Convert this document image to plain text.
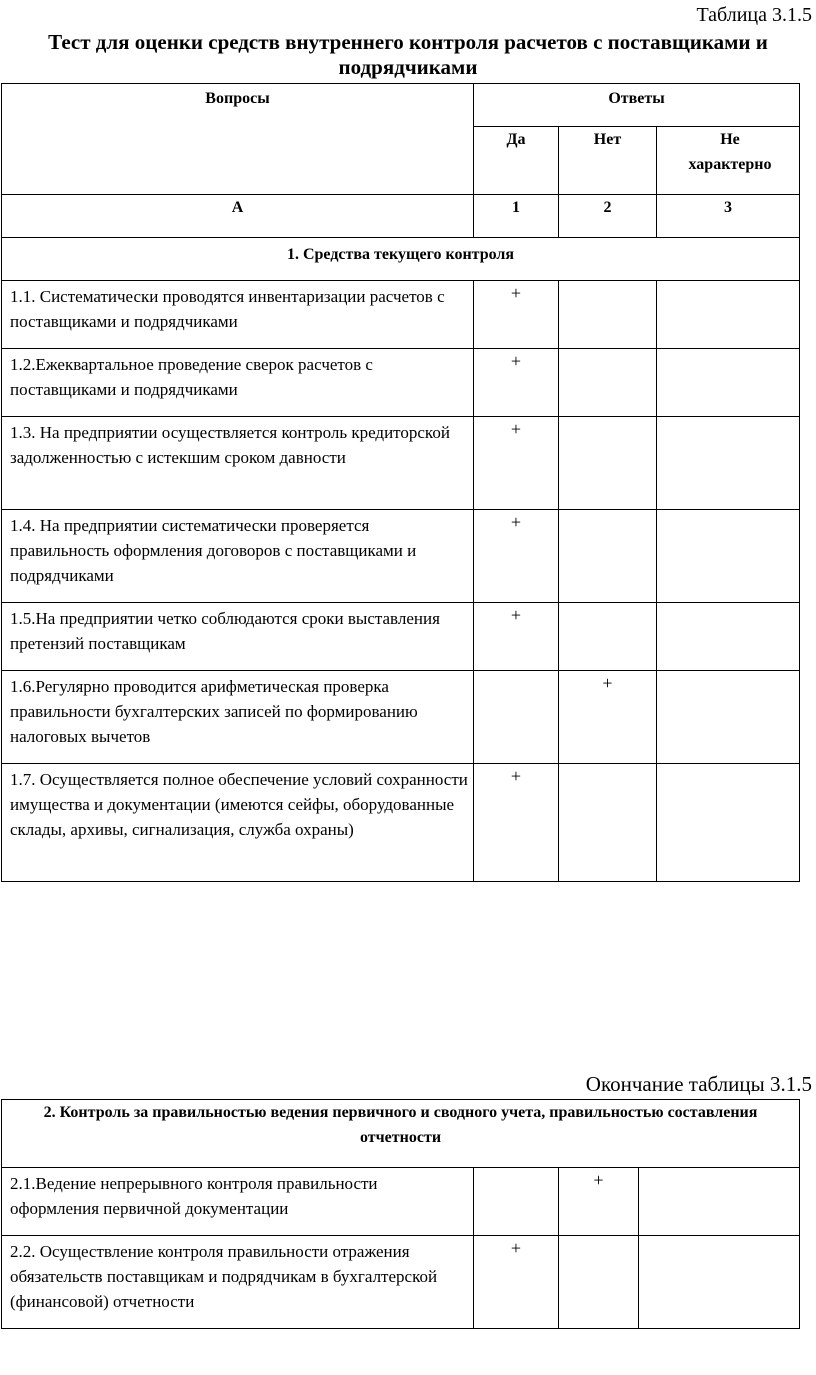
Таблица 3.1.5
Тест для оценки средств внутреннего контроля расчетов с поставщиками и подрядчиками
Вопросы	Ответы		
	Да	Нет	Не характерно
А	1	2	3
1. Средства текущего контроля			
1.1. Систематически проводятся инвентаризации расчетов с поставщиками и подрядчиками	+		
1.2.Ежеквартальное проведение сверок расчетов с поставщиками и подрядчиками	+		
1.3. На предприятии осуществляется контроль кредиторской задолженностью с истекшим сроком давности	+		
1.4. На предприятии систематически проверяется правильность оформления договоров с поставщиками и подрядчиками	+		
1.5.На предприятии четко соблюдаются сроки выставления претензий поставщикам	+		
1.6.Регулярно проводится арифметическая проверка правильности бухгалтерских записей по формированию налоговых вычетов		+	
1.7. Осуществляется полное обеспечение условий сохранности имущества и документации (имеются сейфы, оборудованные склады, архивы, сигнализация, служба охраны)	+		
Окончание таблицы 3.1.5
2. Контроль за правильностью ведения первичного и сводного учета, правильностью составления отчетности			
2.1.Ведение непрерывного контроля правильности оформления первичной документации		+	
2.2. Осуществление контроля правильности отражения обязательств поставщикам и подрядчикам в бухгалтерской (финансовой) отчетности	+		
